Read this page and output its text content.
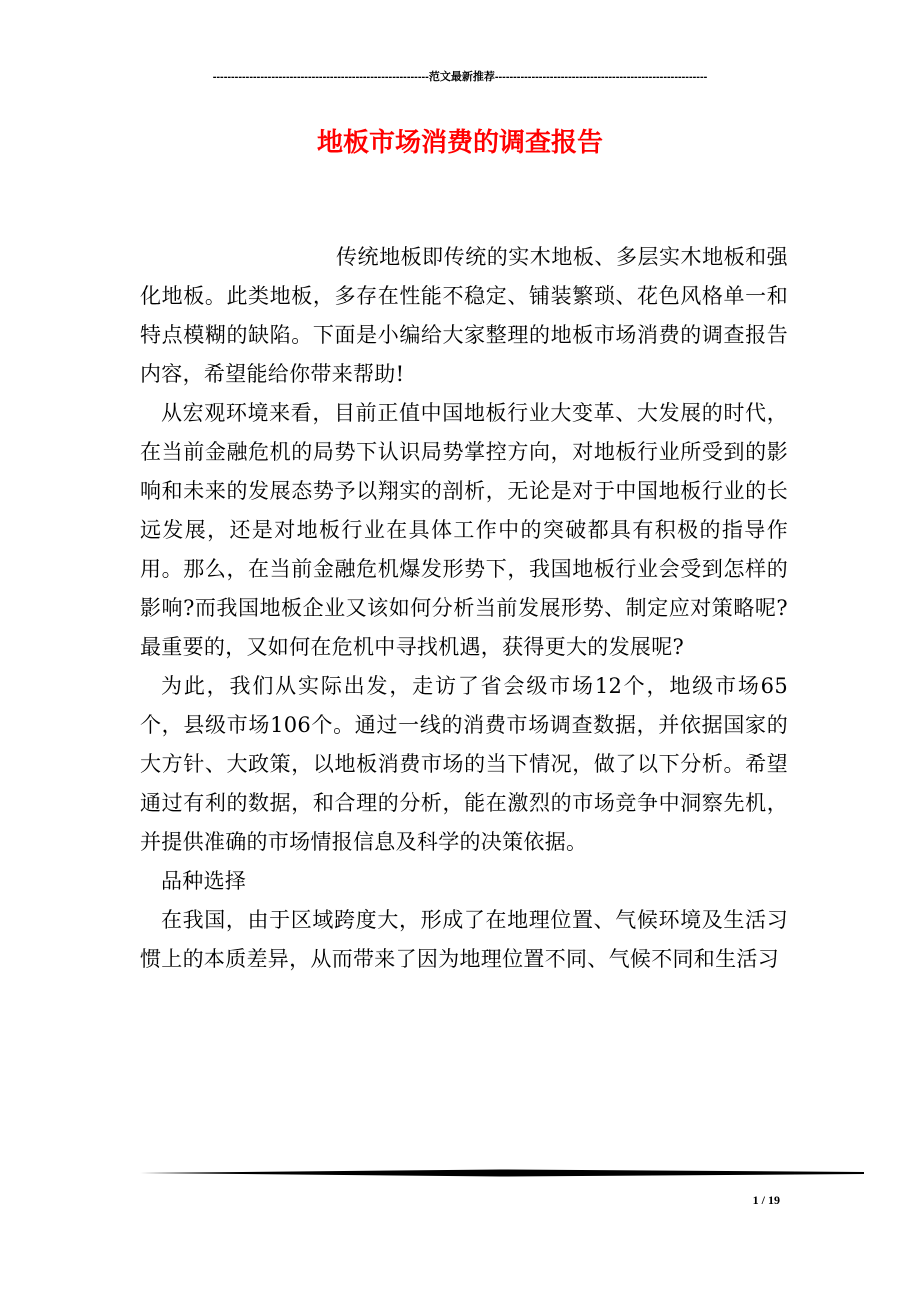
-----------------------------------------------------------范文最新推荐----------------------------------------------------------
地板市场消费的调查报告

传统地板即传统的实木地板、多层实木地板和强化地板。此类地板，多存在性能不稳定、铺装繁琐、花色风格单一和特点模糊的缺陷。下面是小编给大家整理的地板市场消费的调查报告内容，希望能给你带来帮助!

从宏观环境来看，目前正值中国地板行业大变革、大发展的时代，在当前金融危机的局势下认识局势掌控方向，对地板行业所受到的影响和未来的发展态势予以翔实的剖析，无论是对于中国地板行业的长远发展，还是对地板行业在具体工作中的突破都具有积极的指导作用。那么，在当前金融危机爆发形势下，我国地板行业会受到怎样的影响?而我国地板企业又该如何分析当前发展形势、制定应对策略呢?最重要的，又如何在危机中寻找机遇，获得更大的发展呢?

为此，我们从实际出发，走访了省会级市场12个，地级市场65个，县级市场106个。通过一线的消费市场调查数据，并依据国家的大方针、大政策，以地板消费市场的当下情况，做了以下分析。希望通过有利的数据，和合理的分析，能在激烈的市场竞争中洞察先机，并提供准确的市场情报信息及科学的决策依据。

品种选择

在我国，由于区域跨度大，形成了在地理位置、气候环境及生活习惯上的本质差异，从而带来了因为地理位置不同、气候不同和生活习

1 / 19
